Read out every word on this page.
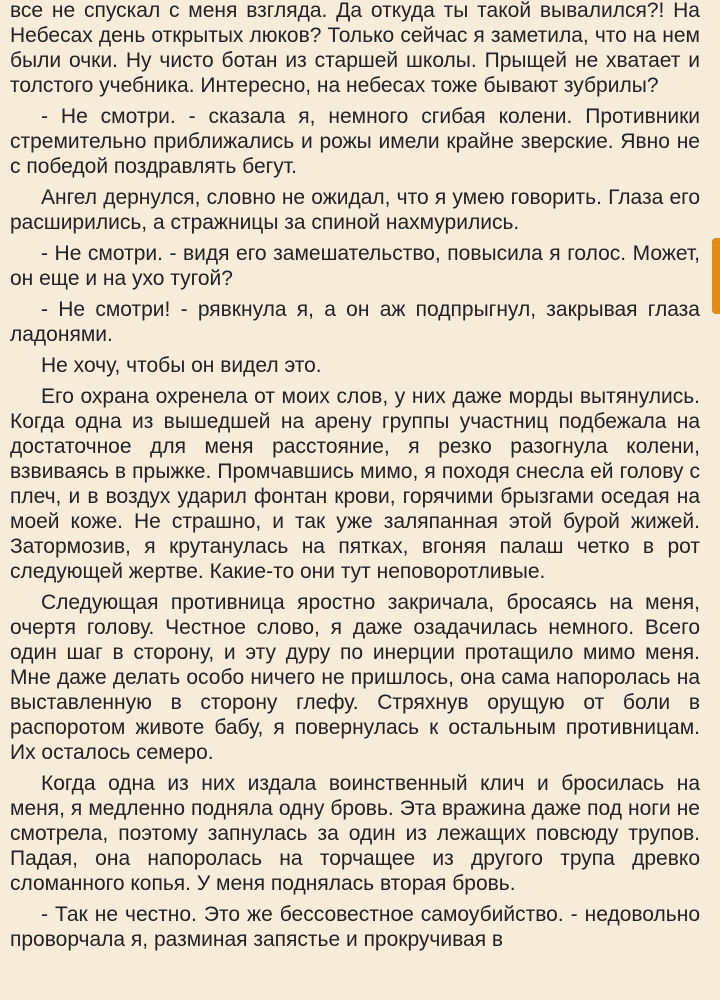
все не спускал с меня взгляда. Да откуда ты такой вывалился?! На Небесах день открытых люков? Только сейчас я заметила, что на нем были очки. Ну чисто ботан из старшей школы. Прыщей не хватает и толстого учебника. Интересно, на небесах тоже бывают зубрилы?

- Не смотри. - сказала я, немного сгибая колени. Противники стремительно приближались и рожы имели крайне зверские. Явно не с победой поздравлять бегут.

Ангел дернулся, словно не ожидал, что я умею говорить. Глаза его расширились, а стражницы за спиной нахмурились.

- Не смотри. - видя его замешательство, повысила я голос. Может, он еще и на ухо тугой?

- Не смотри! - рявкнула я, а он аж подпрыгнул, закрывая глаза ладонями.

Не хочу, чтобы он видел это.

Его охрана охренела от моих слов, у них даже морды вытянулись. Когда одна из вышедшей на арену группы участниц подбежала на достаточное для меня расстояние, я резко разогнула колени, взвиваясь в прыжке. Промчавшись мимо, я походя снесла ей голову с плеч, и в воздух ударил фонтан крови, горячими брызгами оседая на моей коже. Не страшно, и так уже заляпанная этой бурой жижей. Затормозив, я крутанулась на пятках, вгоняя палаш четко в рот следующей жертве. Какие-то они тут неповоротливые.

Следующая противница яростно закричала, бросаясь на меня, очертя голову. Честное слово, я даже озадачилась немного. Всего один шаг в сторону, и эту дуру по инерции протащило мимо меня. Мне даже делать особо ничего не пришлось, она сама напоролась на выставленную в сторону глефу. Стряхнув орущую от боли в распоротом животе бабу, я повернулась к остальным противницам. Их осталось семеро.

Когда одна из них издала воинственный клич и бросилась на меня, я медленно подняла одну бровь. Эта вражина даже под ноги не смотрела, поэтому запнулась за один из лежащих повсюду трупов. Падая, она напоролась на торчащее из другого трупа древко сломанного копья. У меня поднялась вторая бровь.

- Так не честно. Это же бессовестное самоубийство. - недовольно проворчала я, разминая запястье и прокручивая в
